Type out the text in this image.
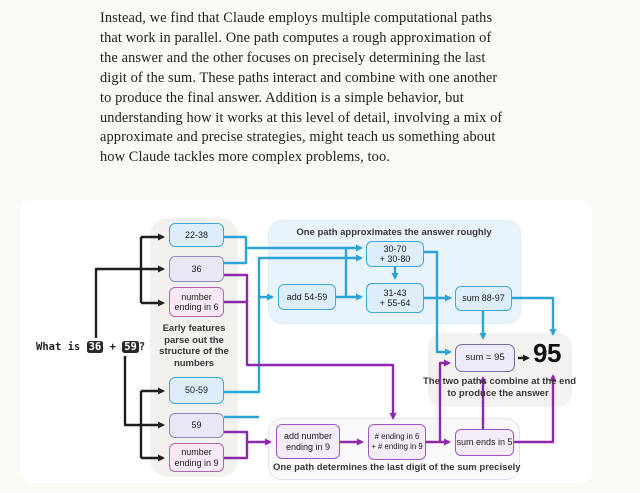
Instead, we find that Claude employs multiple computational paths
that work in parallel. One path computes a rough approximation of
the answer and the other focuses on precisely determining the last
digit of the sum. These paths interact and combine with one another
to produce the final answer. Addition is a simple behavior, but
understanding how it works at this level of detail, involving a mix of
approximate and precise strategies, might teach us something about
how Claude tackles more complex problems, too.
What is 36 + 59 ?
22-38
36
number
ending in 6
Early features parse out the structure of the numbers
50-59
59
number
ending in 9
One path approximates the answer roughly
30-70
+ 30-80
add 54-59	31-43
+ 55-64	sum 88-97
sum = 95 95
The two paths combine at the end
to produce the answer
add number
ending in 9
# ending in 6
+ # ending in 9	sum ends in 5
One path determines the last digit of the sum precisely
